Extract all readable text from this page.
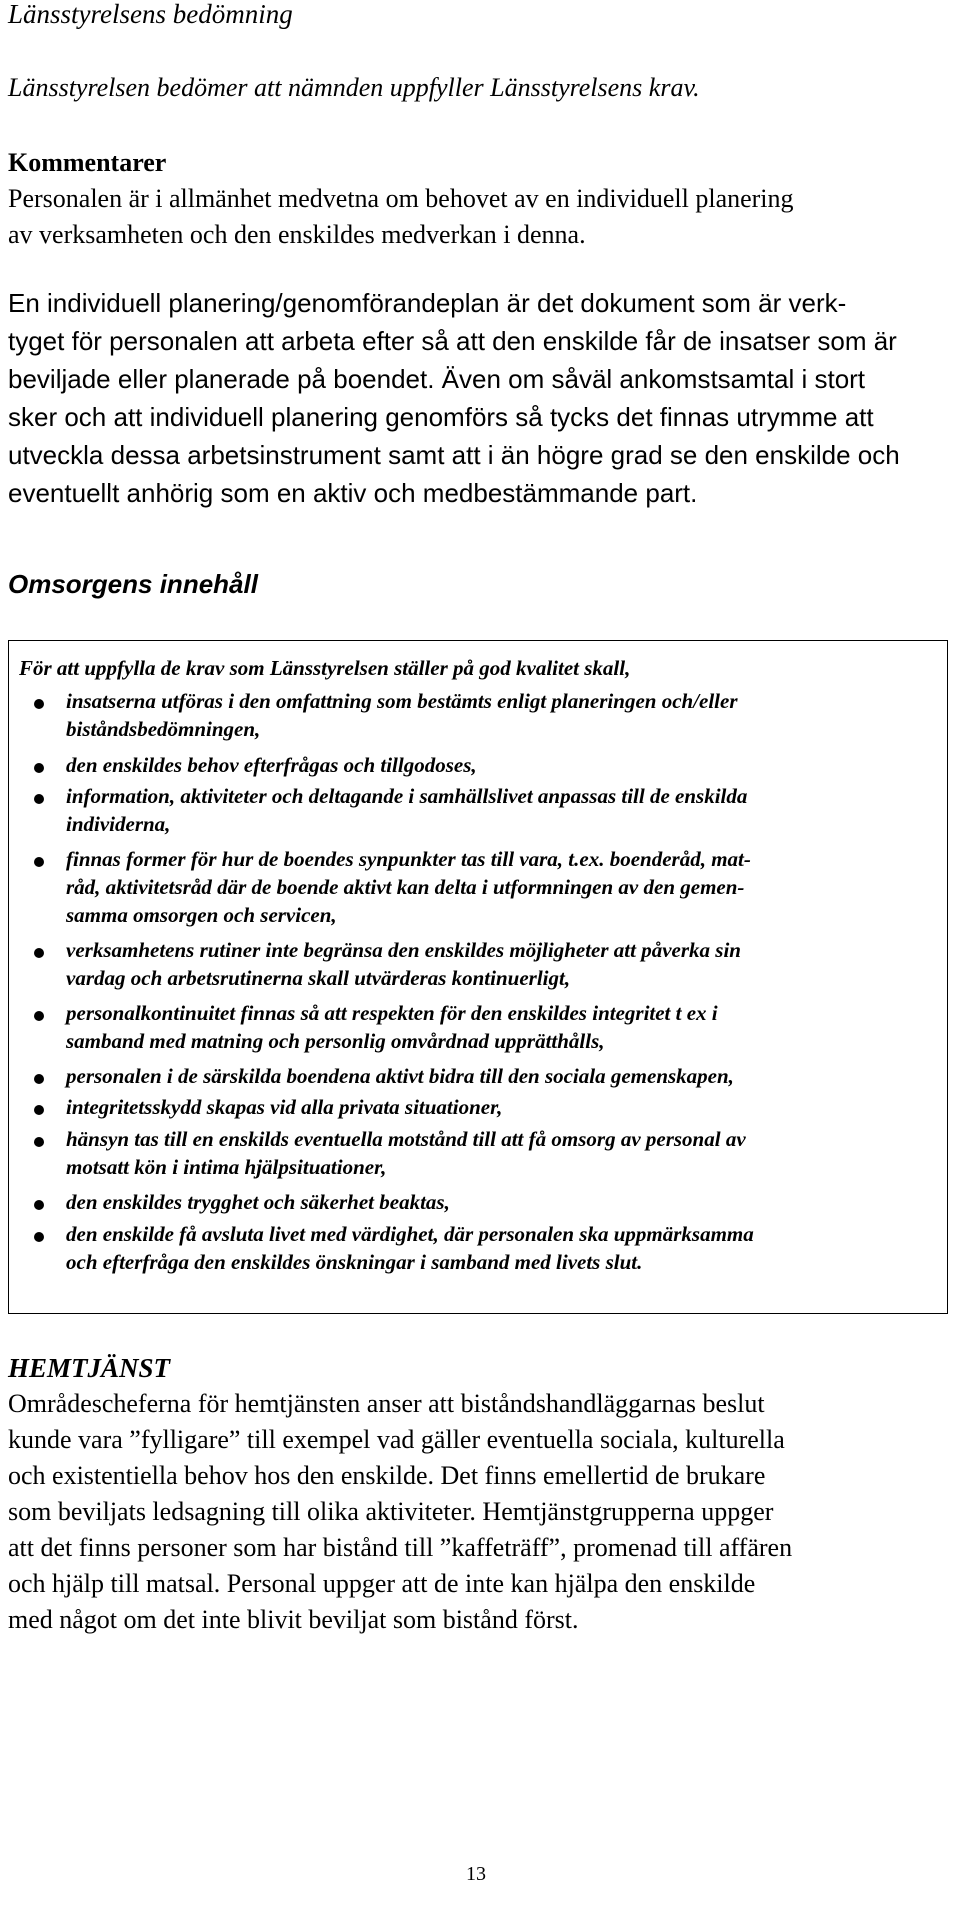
Länsstyrelsens bedömning
Länsstyrelsen bedömer att nämnden uppfyller Länsstyrelsens krav.
Kommentarer
Personalen är i allmänhet medvetna om behovet av en individuell planering
av verksamheten och den enskildes medverkan i denna.
En individuell planering/genomförandeplan är det dokument som är verk-
tyget för personalen att arbeta efter så att den enskilde får de insatser som är
beviljade eller planerade på boendet. Även om såväl ankomstsamtal i stort
sker och att individuell planering genomförs så tycks det finnas utrymme att
utveckla dessa arbetsinstrument samt att i än högre grad se den enskilde och
eventuellt anhörig som en aktiv och medbestämmande part.
Omsorgens innehåll
För att uppfylla de krav som Länsstyrelsen ställer på god kvalitet skall,
insatserna utföras i den omfattning som bestämts enligt planeringen och/eller
biståndsbedömningen,
den enskildes behov efterfrågas och tillgodoses,
information, aktiviteter och deltagande i samhällslivet anpassas till de enskilda
individerna,
finnas former för hur de boendes synpunkter tas till vara, t.ex. boenderåd, mat-
råd, aktivitetsråd där de boende aktivt kan delta i utformningen av den gemen-
samma omsorgen och servicen,
verksamhetens rutiner inte begränsa den enskildes möjligheter att påverka sin
vardag och arbetsrutinerna skall utvärderas kontinuerligt,
personalkontinuitet finnas så att respekten för den enskildes integritet t ex i
samband med matning och personlig omvårdnad upprätthålls,
personalen i de särskilda boendena aktivt bidra till den sociala gemenskapen,
integritetsskydd skapas vid alla privata situationer,
hänsyn tas till en enskilds eventuella motstånd till att få omsorg av personal av
motsatt kön i intima hjälpsituationer,
den enskildes trygghet och säkerhet beaktas,
den enskilde få avsluta livet med värdighet, där personalen ska uppmärksamma
och efterfråga den enskildes önskningar i samband med livets slut.
HEMTJÄNST
Områdescheferna för hemtjänsten anser att biståndshandläggarnas beslut
kunde vara ”fylligare” till exempel vad gäller eventuella sociala, kulturella
och existentiella behov hos den enskilde. Det finns emellertid de brukare
som beviljats ledsagning till olika aktiviteter. Hemtjänstgrupperna uppger
att det finns personer som har bistånd till ”kaffeträff”, promenad till affären
och hjälp till matsal. Personal uppger att de inte kan hjälpa den enskilde
med något om det inte blivit beviljat som bistånd först.
13
